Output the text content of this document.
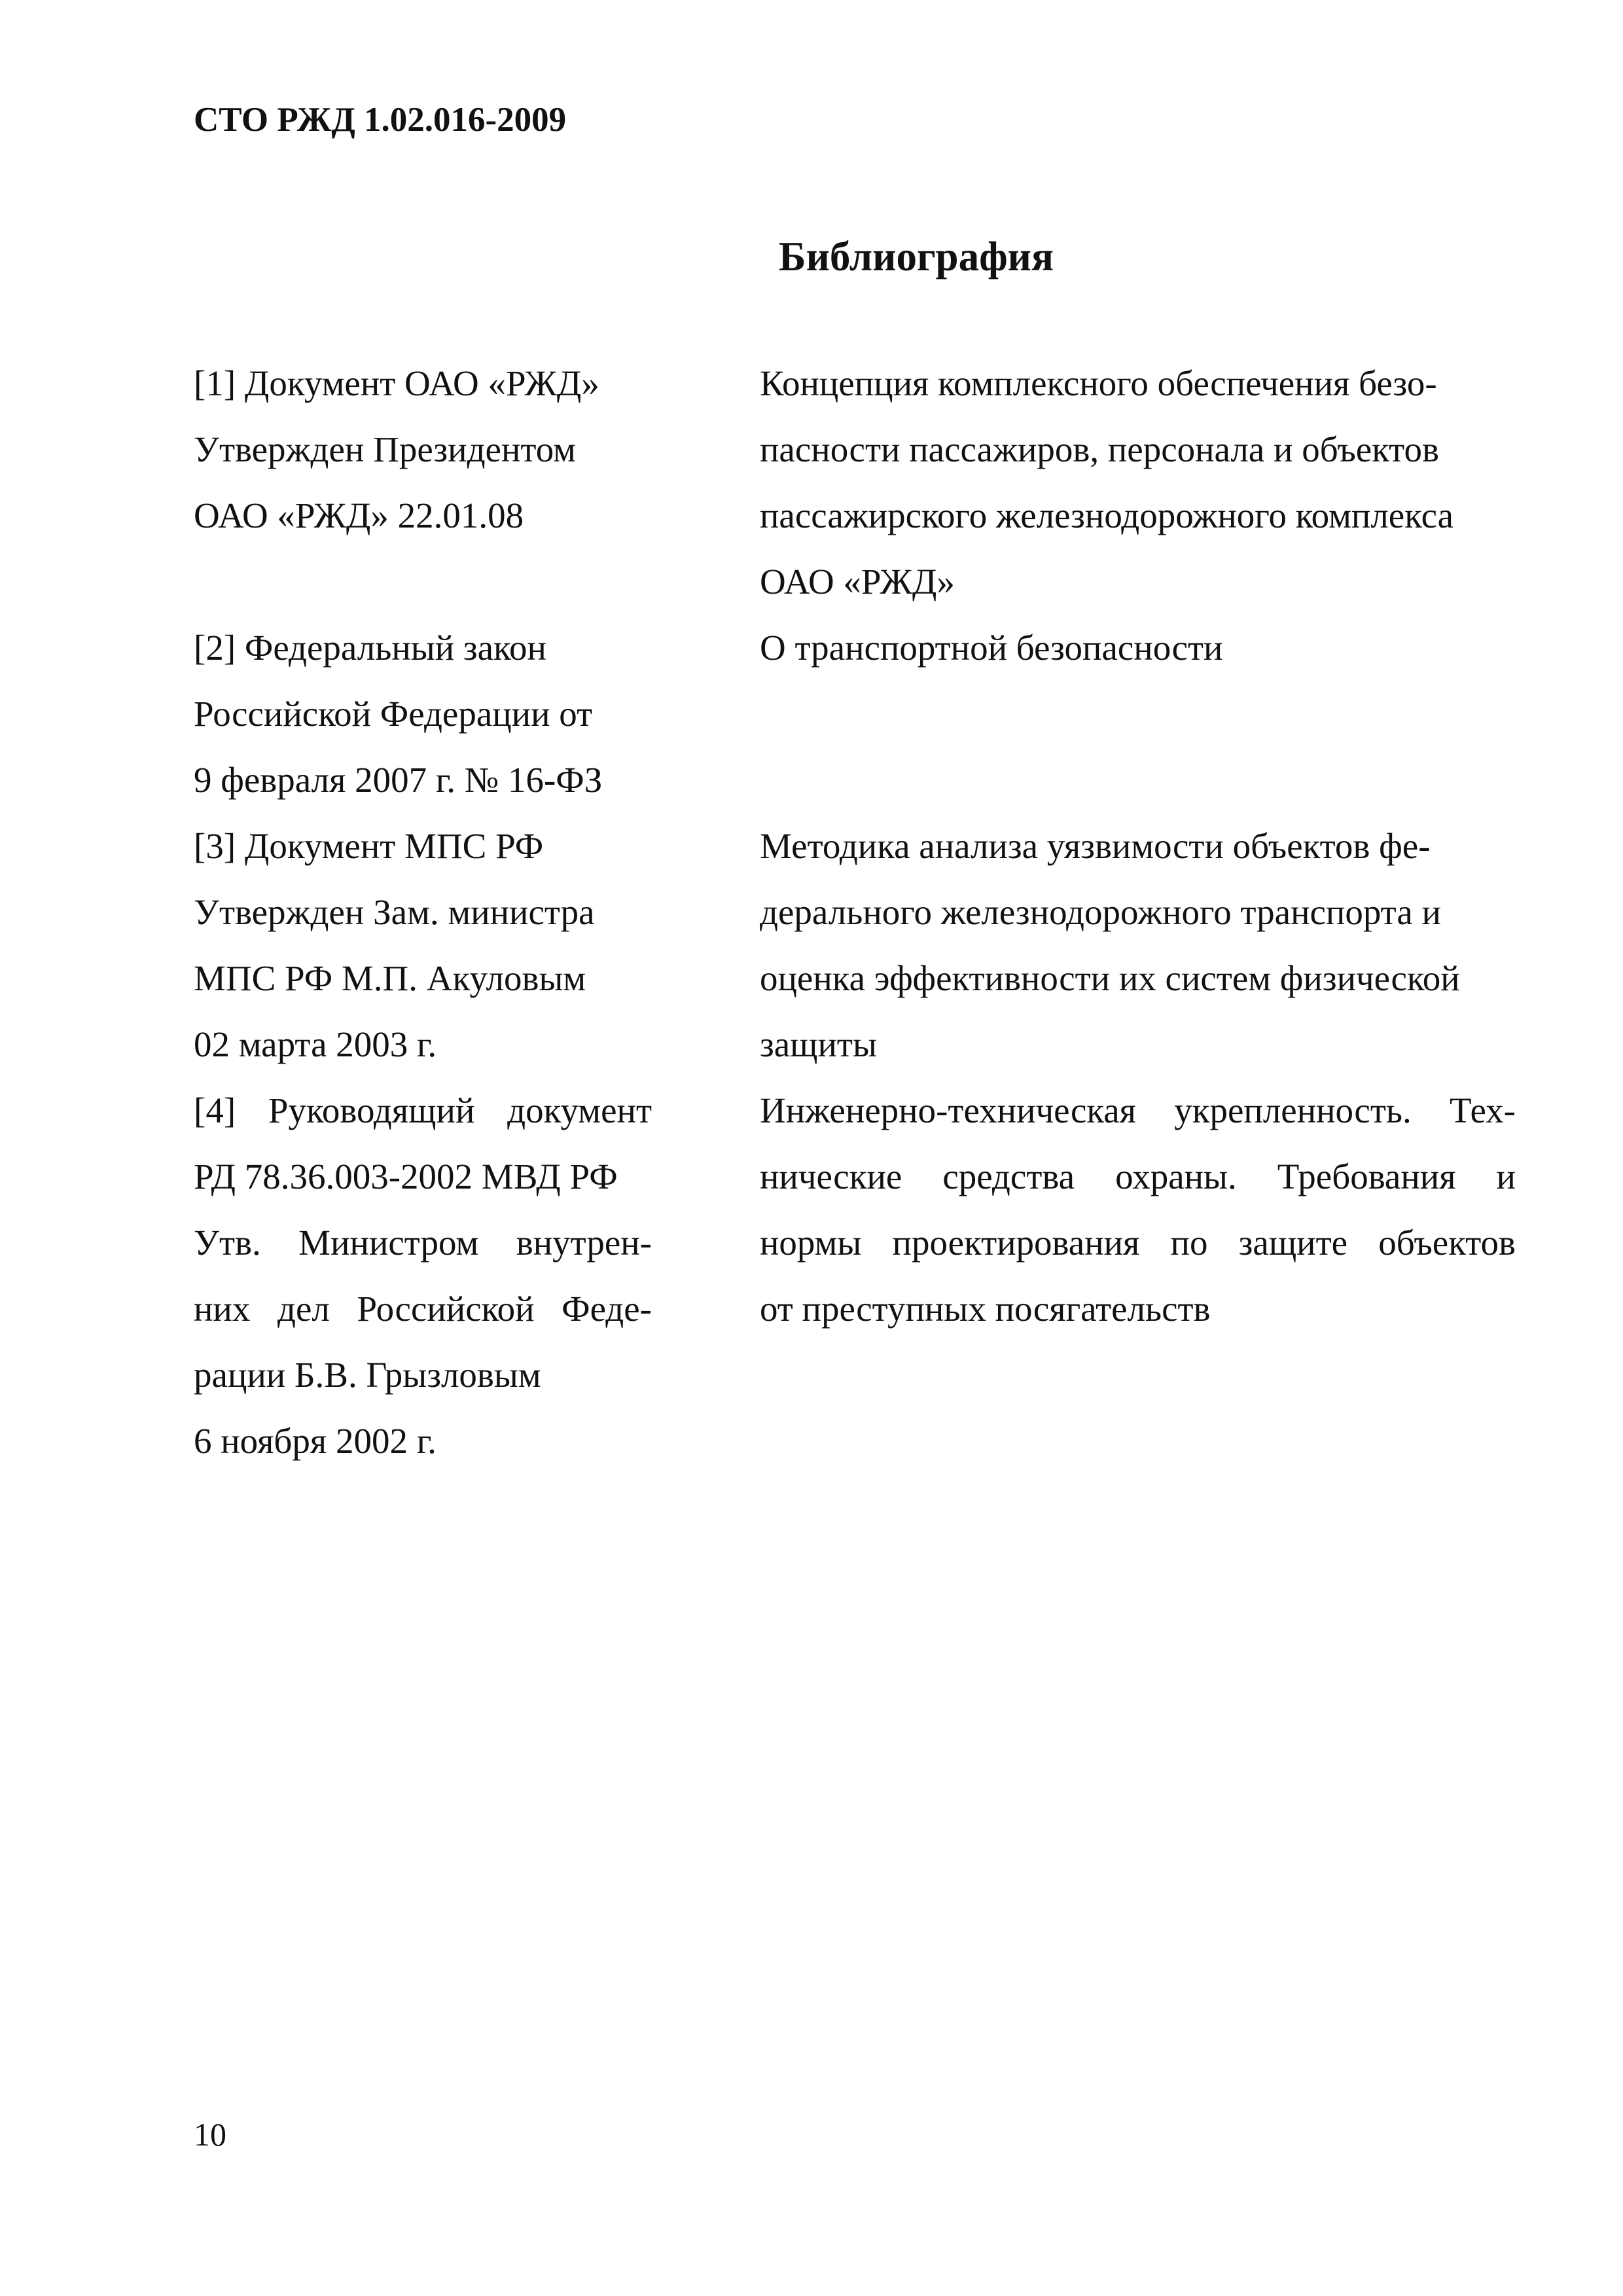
СТО РЖД 1.02.016-2009
Библиография
[1] Документ ОАО «РЖД»
Утвержден Президентом
ОАО «РЖД» 22.01.08
Концепция комплексного обеспечения безо-
пасности пассажиров, персонала и объектов
пассажирского железнодорожного комплекса
ОАО «РЖД»
[2] Федеральный закон
Российской Федерации от
9 февраля 2007 г. № 16-ФЗ
О транспортной безопасности
[3] Документ МПС РФ
Утвержден Зам. министра
МПС РФ М.П. Акуловым
02 марта 2003 г.
Методика анализа уязвимости объектов фе-
дерального железнодорожного транспорта и
оценка эффективности их систем физической
защиты
[4] Руководящий документ
РД 78.36.003-2002 МВД РФ
Утв. Министром внутрен-
них дел Российской Феде-
рации Б.В. Грызловым
6 ноября 2002 г.
Инженерно-техническая укрепленность. Тех-
нические средства охраны. Требования и
нормы проектирования по защите объектов
от преступных посягательств
10
